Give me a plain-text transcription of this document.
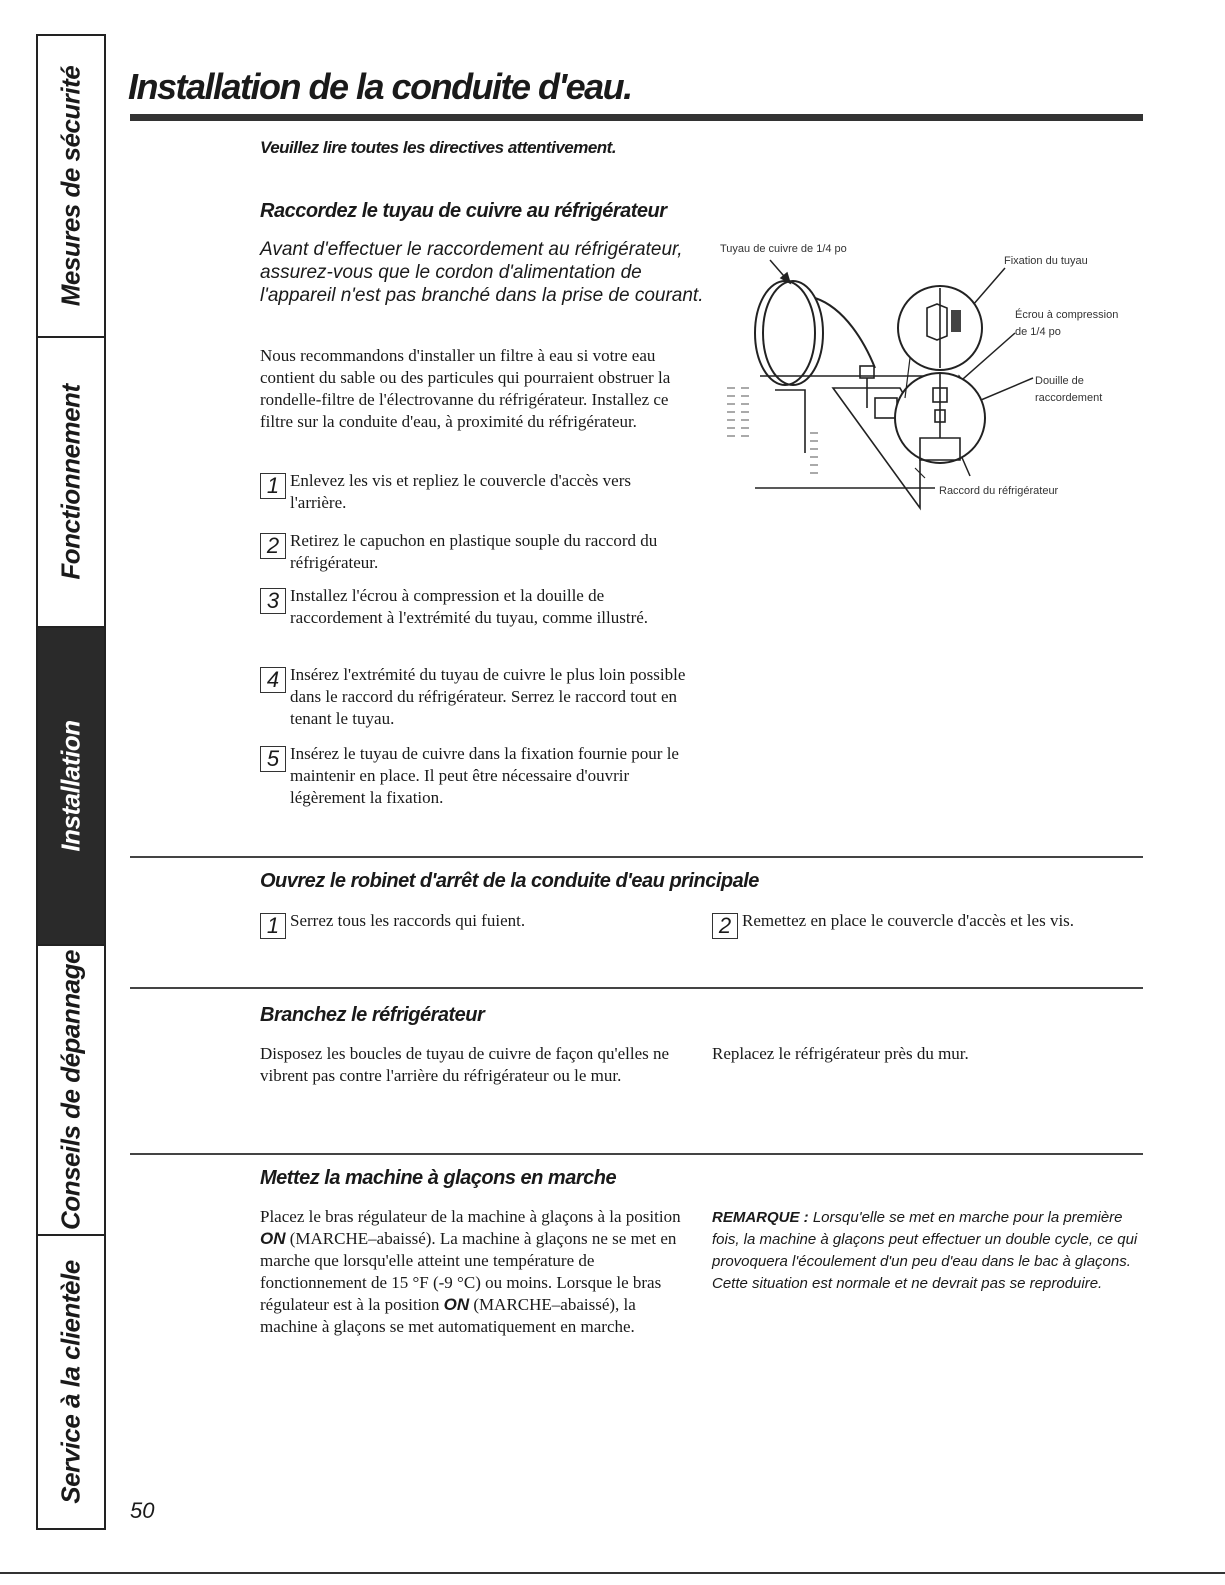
Mesures de sécurité
Fonctionnement
Installation
Conseils de dépannage
Service à la clientèle
Installation de la conduite d'eau.
Veuillez lire toutes les directives attentivement.
Raccordez le tuyau de cuivre au réfrigérateur
Avant d'effectuer le raccordement au réfrigérateur, assurez-vous que le cordon d'alimentation de l'appareil n'est pas branché dans la prise de courant.
Nous recommandons d'installer un filtre à eau si votre eau contient du sable ou des particules qui pourraient obstruer la rondelle-filtre de l'électrovanne du réfrigérateur. Installez ce filtre sur la conduite d'eau, à proximité du réfrigérateur.
1 Enlevez les vis et repliez le couvercle d'accès vers l'arrière.
2 Retirez le capuchon en plastique souple du raccord du réfrigérateur.
3 Installez l'écrou à compression et la douille de raccordement à l'extrémité du tuyau, comme illustré.
4 Insérez l'extrémité du tuyau de cuivre le plus loin possible dans le raccord du réfrigérateur. Serrez le raccord tout en tenant le tuyau.
5 Insérez le tuyau de cuivre dans la fixation fournie pour le maintenir en place. Il peut être nécessaire d'ouvrir légèrement la fixation.
Tuyau de cuivre de 1/4 po
Fixation du tuyau
Écrou à compression
de 1/4 po
Douille de
raccordement
Raccord du réfrigérateur
Ouvrez le robinet d'arrêt de la conduite d'eau principale
1 Serrez tous les raccords qui fuient.	2 Remettez en place le couvercle d'accès et les vis.
Branchez le réfrigérateur
Disposez les boucles de tuyau de cuivre de façon qu'elles ne vibrent pas contre l'arrière du réfrigérateur ou le mur.
Replacez le réfrigérateur près du mur.
Mettez la machine à glaçons en marche
Placez le bras régulateur de la machine à glaçons à la position ON (MARCHE–abaissé). La machine à glaçons ne se met en marche que lorsqu'elle atteint une température de fonctionnement de 15 °F (-9 °C) ou moins. Lorsque le bras régulateur est à la position ON (MARCHE–abaissé), la machine à glaçons se met automatiquement en marche.
REMARQUE : Lorsqu'elle se met en marche pour la première fois, la machine à glaçons peut effectuer un double cycle, ce qui provoquera l'écoulement d'un peu d'eau dans le bac à glaçons. Cette situation est normale et ne devrait pas se reproduire.
50
